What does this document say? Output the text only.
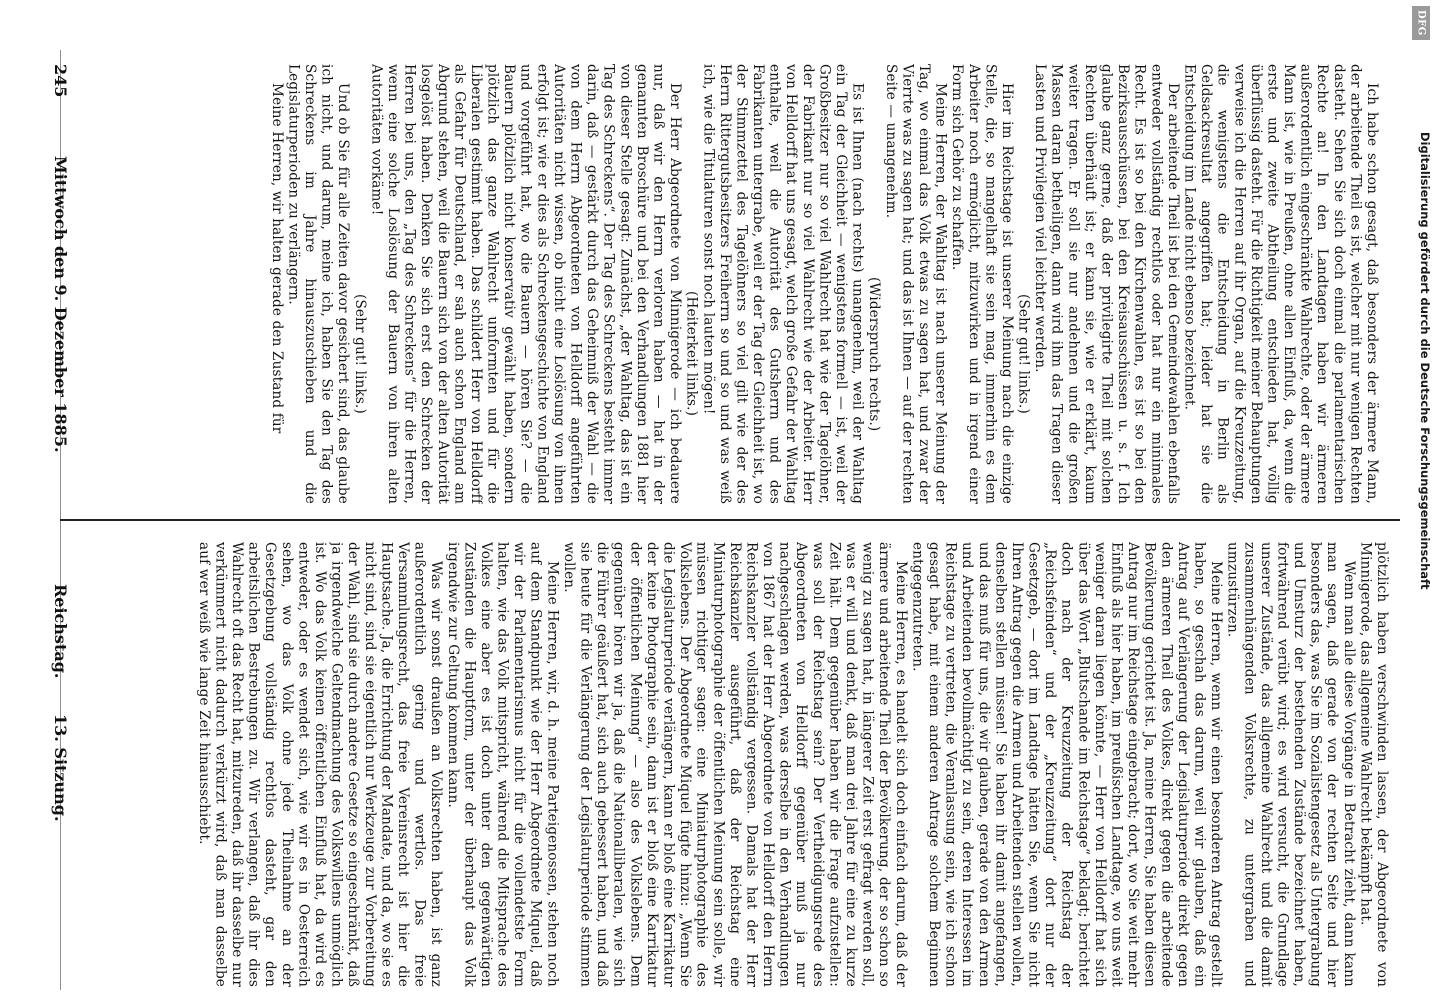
245
Mittwoch den 9. Dezember 1885.
Reichstag.
13. Sitzung.

Ich habe schon gesagt, daß besonders der ärmere Mann, der arbeitende Theil es ist, welcher mit nur wenigen Rechten dasteht. Sehen Sie sich doch einmal die parlamentarischen Rechte an! In den Landtagen haben wir ärmeren außerordentlich eingeschränkte Wahlrechte, oder der ärmere Mann ist, wie in Preußen, ohne allen Einfluß, da, wenn die erste und zweite Abtheilung entschieden hat, völlig überflüssig dasteht. Für die Richtigkeit meiner Behauptungen verweise ich die Herren auf ihr Organ, auf die Kreuzzeitung, die wenigstens die Entscheidung in Berlin als Geldsackresultat angegriffen hat; leider hat sie die Entscheidung im Lande nicht ebenso bezeichnet.

Der arbeitende Theil ist bei den Gemeindewahlen ebenfalls entweder vollständig rechtlos oder hat nur ein minimales Recht. Es ist so bei den Kirchenwahlen, es ist so bei den Bezirksausschüssen, bei den Kreisausschüssen u. s. f. Ich glaube ganz gerne, daß der privilegirte Theil mit solchen Rechten überhäuft ist; er kann sie, wie er erklärt, kaum weiter tragen. Er soll sie nur andehnen und die großen Massen daran betheiligen, dann wird ihm das Tragen dieser Lasten und Privilegien viel leichter werden.

(Sehr gut! links.)

Hier im Reichstage ist unserer Meinung nach die einzige Stelle, die, so mangelhaft sie sein mag, immerhin es dem Arbeiter noch ermöglicht, mitzuwirken und in irgend einer Form sich Gehör zu schaffen.

Meine Herren, der Wahltag ist nach unserer Meinung der Tag, wo einmal das Volk etwas zu sagen hat, und zwar der Vierrte was zu sagen hat; und das ist Ihnen — auf der rechten Seite — unangenehm.

(Widerspruch rechts.)

Es ist Ihnen (nach rechts) unangenehm, weil der Wahltag ein Tag der Gleichheit — wenigstens formell — ist, weil der Großbesitzer nur so viel Wahlrecht hat wie der Tagelöhner, der Fabrikant nur so viel Wahlrecht wie der Arbeiter. Herr von Helldorff hat uns gesagt, welch große Gefahr der Wahltag enthalte, weil die Autorität des Gutsherrn und des Fabrikanten untergrabe, weil er der Tag der Gleichheit ist, wo der Stimmzettel des Tagelöhners so viel gilt wie der des Herrn Rittergutsbesitzers Freiherrn so und so und was weiß ich, wie die Titulaturen sonst noch lauten mögen!

(Heiterkeit links.)

Der Herr Abgeordnete von Minnigerode — ich bedauere nur, daß wir den Herrn verloren haben — hat in der genannten Broschüre und bei den Verhandlungen 1881 hier von dieser Stelle gesagt: Zunächst, „der Wahltag, das ist ein Tag des Schreckens“. Der Tag des Schreckens besteht immer darin, daß — gestärkt durch das Geheimniß der Wahl — die von dem Herrn Abgeordneten von Helldorff angeführten Autoritäten nicht wissen, ob nicht eine Loslösung von ihnen erfolgt ist; wie er dies als Schreckensgeschichte von England und vorgeführt hat, wo die Bauern — hören Sie? — die Bauern plötzlich nicht konservativ gewählt haben, sondern plötzlich das ganze Wahlrecht umformten und für die Liberalen gestimmt haben. Das schildert Herr von Helldorff als Gefahr für Deutschland, er sah auch schon England am Abgrund stehen, weil die Bauern sich von der alten Autorität losgelöst haben. Denken Sie sich erst den Schrecken der Herren bei uns, den „Tag des Schreckens“ für die Herren, wenn eine solche Loslösung der Bauern von ihren alten Autoritäten vorkäme!

(Sehr gut! links.)

Und ob Sie für alle Zeiten davor gesichert sind, das glaube ich nicht, und darum, meine ich, haben Sie den Tag des Schreckens im Jahre hinauszuschieben und die Legislaturperioden zu verlängern.

Meine Herren, wir halten gerade den Zustand für

plötzlich haben verschwinden lassen, der Abgeordnete von Minnigerode, das allgemeine Wahlrecht bekämpft hat.

Wenn man alle diese Vorgänge in Betracht zieht, dann kann man sagen, daß gerade von der rechten Seite und hier besonders das, was Sie im Sozialistengesetz als Untergrabung und Umsturz der bestehenden Zustände bezeichnet haben, fortwährend verübt wird; es wird versucht, die Grundlage unserer Zustände, das allgemeine Wahlrecht und die damit zusammenhängenden Volksrechte, zu untergraben und umzustürzen.

Meine Herren, wenn wir einen besonderen Antrag gestellt haben, so geschah das darum, weil wir glauben, daß ein Antrag auf Verlängerung der Legislaturperiode direkt gegen den ärmeren Theil des Volkes, direkt gegen die arbeitende Bevölkerung gerichtet ist. Ja, meine Herren, Sie haben diesen Antrag nur im Reichstage eingebracht; dort, wo Sie weit mehr Einfluß als hier haben, im preußischen Landtage, wo uns weit weniger daran liegen könnte, — Herr von Helldorff hat sich über das Wort „Blutschande im Reichstage“ beklagt; berichtet doch nach der Kreuzzeitung der Reichstag der „Reichsfeinden“ und der „Kreuzzeitung“ dort nur der Gesetzgeb, — dort im Landtage hätten Sie, wenn Sie nicht Ihren Antrag gegen die Armen und Arbeitenden stellen wollen, denselben stellen müssen! Sie haben ihr damit angefangen, und das muß für uns, die wir glauben, gerade von den Armen und Arbeitenden bevollmächtigt zu sein, deren Interessen im Reichstage zu vertreten, die Veranlassung sein, wie ich schon gesagt habe, mit einem anderen Antrage solchem Beginnen entgegenzutreten.

Meine Herren, es handelt sich doch einfach darum, daß der ärmere und arbeitende Theil der Bevölkerung, der so schon so wenig zu sagen hat, in längerer Zeit erst gefragt werden soll, was er will und denkt, daß man drei Jahre für eine zu kurze Zeit hält. Dem gegenüber haben wir die Frage aufzustellen: was soll der Reichstag sein? Der Vertheidigungsrede des Abgeordneten von Helldorff gegenüber muß ja nur nachgeschlagen werden, was derselbe in den Verhandlungen von 1867 hat der Herr Abgeordnete von Helldorff den Herrn Reichskanzler vollständig vergessen. Damals hat der Herr Reichskanzler ausgeführt, daß der Reichstag eine Miniaturphotographie der öffentlichen Meinung sein solle, wir müssen richtiger sagen: eine Miniaturphotographie des Volkslebens. Der Abgeordnete Miquel fügte hinzu: „Wenn Sie die Legislaturperiode verlängern, kann er bloß eine Karrikatur der keine Photographie sein, dann ist er bloß eine Karrikatur der öffentlichen Meinung“ — also des Volkslebens. Dem gegenüber hören wir ja, daß die Nationalliberalen, wie sich die Führer geäußert hat, sich auch gebessert haben, und daß sie heute für die Verlängerung der Legislaturperiode stimmen wollen.

Meine Herren, wir, d. h. meine Parteigenossen, stehen noch auf dem Standpunkt wie der Herr Abgeordnete Miquel, daß wir der Parlamentarismus nicht für die vollendetste Form halten, wie das Volk mitspricht, während die Mitsprache des Volkes eine aber es ist doch unter den gegenwärtigen Zuständen die Hauptform, unter der überhaupt das Volk irgendwie zur Geltung kommen kann.

Was wir sonst draußen an Volksrechten haben, ist ganz außerordentlich gering und wertlos. Das freie Versammlungsrecht, das freie Vereinsrecht ist hier die Hauptsache. Ja, die Errichtung der Mandate, und da, wo sie es nicht sind, sind sie eigentlich nur Werkzeuge zur Vorbereitung der Wahl, sind sie durch andere Gesetze so eingeschränkt, daß ja irgendwelche Geltendmachung des Volkswillens unmöglich ist. Wo das Volk keinen öffentlichen Einfluß hat, da wird es entweder, oder es wendet sich, wie wir es in Oesterreich sehen, wo das Volk ohne jede Theilnahme an der Gesetzgebung vollständig rechtlos dasteht, gar den arbeitslichen Bestrebungen zu. Wir verlangen, daß ihr dies Wahlrecht oft das Recht hat, mitzureden, daß ihr dasselbe nur verkümmert nicht dadurch verkürzt wird, daß man dasselbe auf wer weiß wie lange Zeit hinausschiebt.

Digitalisierung gefördert durch die Deutsche Forschungsgemeinschaft
DFG
